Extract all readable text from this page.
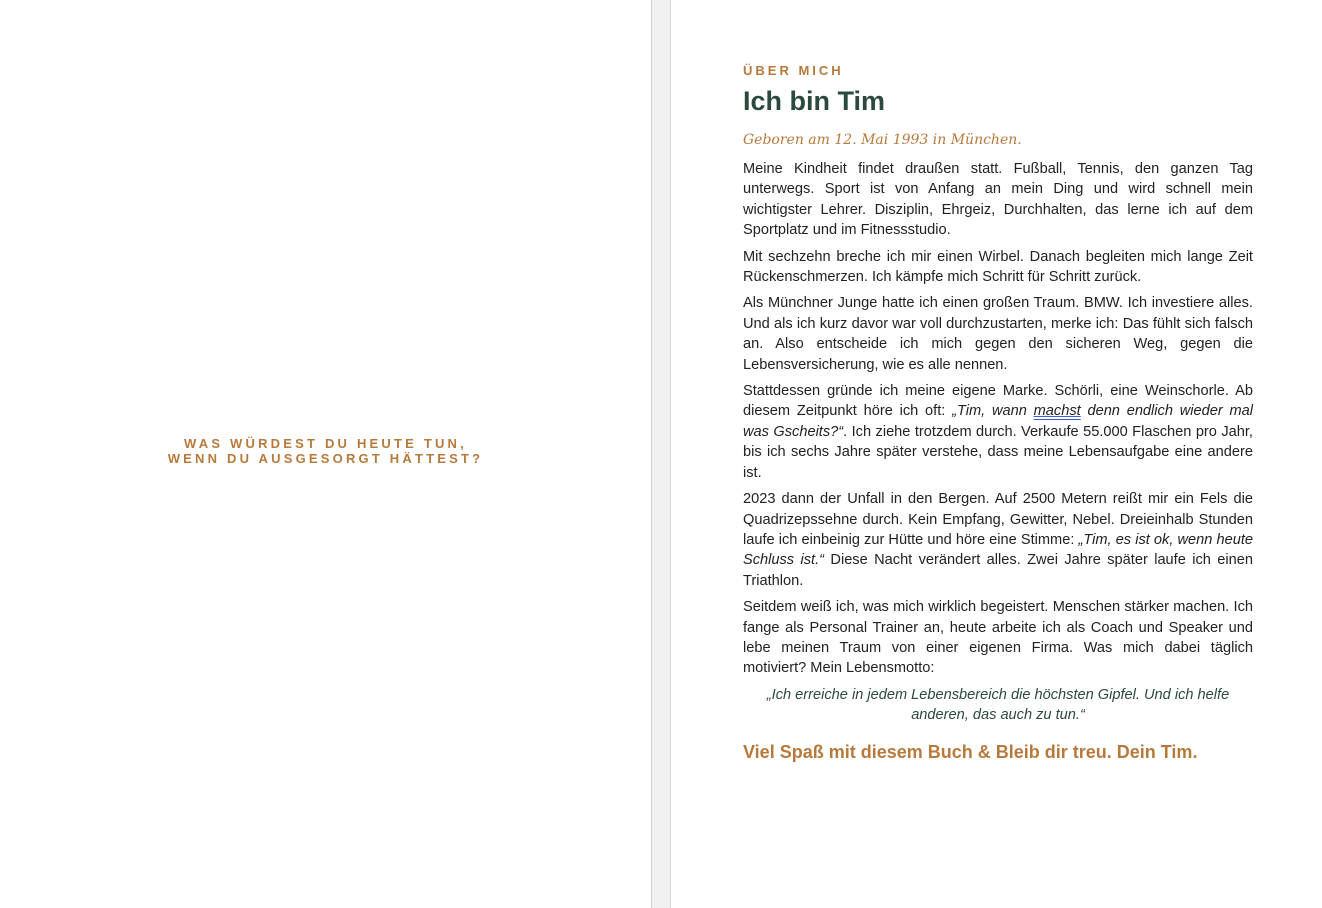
WAS WÜRDEST DU HEUTE TUN,
WENN DU AUSGESORGT HÄTTEST?

ÜBER MICH

Ich bin Tim

Geboren am 12. Mai 1993 in München.

Meine Kindheit findet draußen statt. Fußball, Tennis, den ganzen Tag unterwegs. Sport ist von Anfang an mein Ding und wird schnell mein wichtigster Lehrer. Disziplin, Ehrgeiz, Durchhalten, das lerne ich auf dem Sportplatz und im Fitnessstudio.

Mit sechzehn breche ich mir einen Wirbel. Danach begleiten mich lange Zeit Rückenschmerzen. Ich kämpfe mich Schritt für Schritt zurück.

Als Münchner Junge hatte ich einen großen Traum. BMW. Ich investiere alles. Und als ich kurz davor war voll durchzustarten, merke ich: Das fühlt sich falsch an. Also entscheide ich mich gegen den sicheren Weg, gegen die Lebensversicherung, wie es alle nennen.

Stattdessen gründe ich meine eigene Marke. Schörli, eine Weinschorle. Ab diesem Zeitpunkt höre ich oft: „Tim, wann machst denn endlich wieder mal was Gscheits?“. Ich ziehe trotzdem durch. Verkaufe 55.000 Flaschen pro Jahr, bis ich sechs Jahre später verstehe, dass meine Lebensaufgabe eine andere ist.

2023 dann der Unfall in den Bergen. Auf 2500 Metern reißt mir ein Fels die Quadrizepssehne durch. Kein Empfang, Gewitter, Nebel. Dreieinhalb Stunden laufe ich einbeinig zur Hütte und höre eine Stimme: „Tim, es ist ok, wenn heute Schluss ist.“ Diese Nacht verändert alles. Zwei Jahre später laufe ich einen Triathlon.

Seitdem weiß ich, was mich wirklich begeistert. Menschen stärker machen. Ich fange als Personal Trainer an, heute arbeite ich als Coach und Speaker und lebe meinen Traum von einer eigenen Firma. Was mich dabei täglich motiviert? Mein Lebensmotto:

„Ich erreiche in jedem Lebensbereich die höchsten Gipfel. Und ich helfe anderen, das auch zu tun.“

Viel Spaß mit diesem Buch & Bleib dir treu. Dein Tim.
